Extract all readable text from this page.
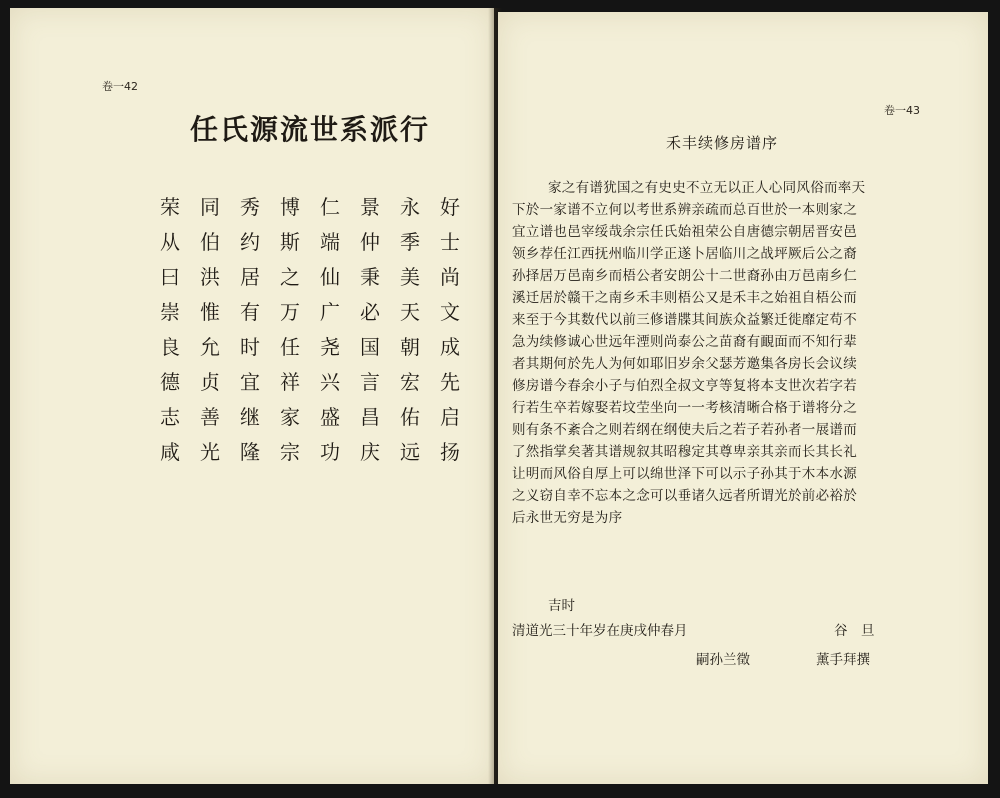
卷一42
任氏源流世系派行
荣	同	秀	博	仁	景	永	好
从	伯	约	斯	端	仲	季	士
曰	洪	居	之	仙	秉	美	尚
崇	惟	有	万	广	必	天	文
良	允	时	任	尧	国	朝	成
德	贞	宜	祥	兴	言	宏	先
志	善	继	家	盛	昌	佑	启
咸	光	隆	宗	功	庆	远	扬
卷一43
禾丰续修房谱序
家之有谱犹国之有史史不立无以正人心同风俗而率天
下於一家谱不立何以考世系辨亲疏而总百世於一本则家之
宜立谱也邑宰绥哉余宗任氏始祖荣公自唐德宗朝居晋安邑
领乡荐任江西抚州临川学正遂卜居临川之战坪厥后公之裔
孙择居万邑南乡而梧公者安朗公十二世裔孙由万邑南乡仁
溪迁居於赣干之南乡禾丰则梧公又是禾丰之始祖自梧公而
来至于今其数代以前三修谱牒其间族众益繁迁徙靡定苟不
急为续修诚心世远年湮则尚泰公之苗裔有靦面而不知行辈
者其期何於先人为何如耶旧岁余父瑟芳邀集各房长会议续
修房谱今春余小子与伯烈全叔文亨等复将本支世次若字若
行若生卒若嫁娶若坟茔坐向一一考核清晰合格于谱将分之
则有条不紊合之则若纲在纲使夫后之若子若孙者一展谱而
了然指掌矣著其谱规叙其昭穆定其尊卑亲其亲而长其长礼
让明而风俗自厚上可以绵世泽下可以示子孙其于木本水源
之义窃自幸不忘本之念可以垂诸久远者所谓光於前必裕於
后永世无穷是为序
吉时
清道光三十年岁在庚戌仲春月	谷　旦
嗣孙兰徵	薰手拜撰
